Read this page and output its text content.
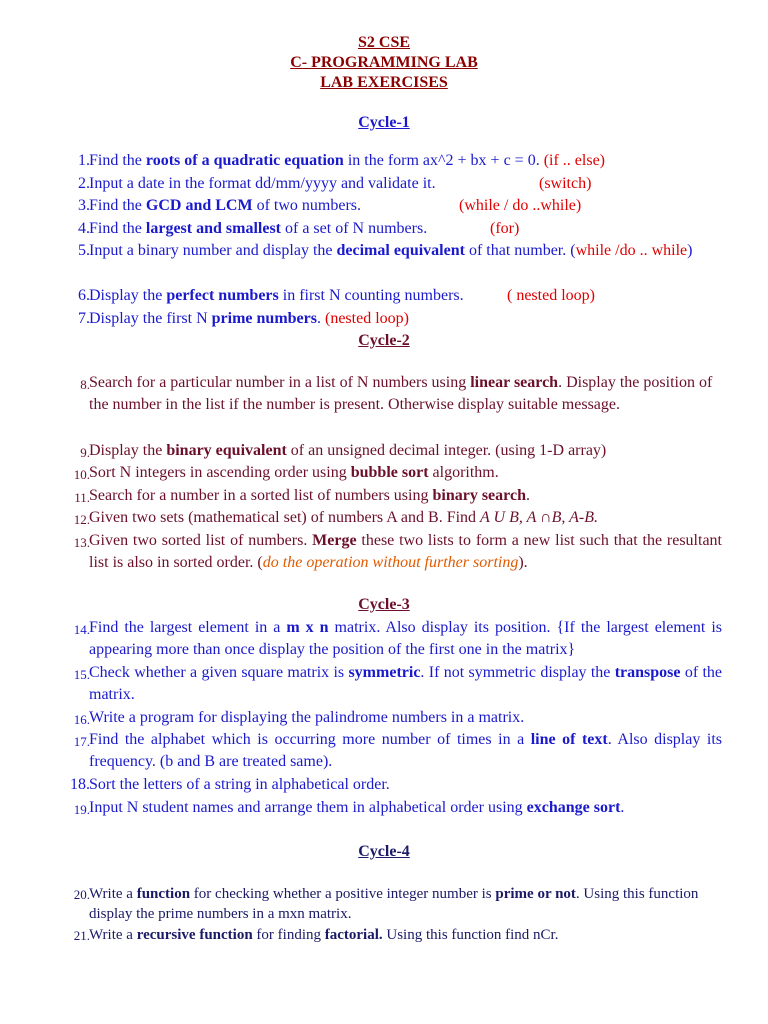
S2 CSE
C- PROGRAMMING LAB
LAB EXERCISES
Cycle-1
1. Find the roots of a quadratic equation in the form ax^2 + bx + c = 0. (if .. else)
2. Input a date in the format dd/mm/yyyy and validate it.	(switch)
3. Find the GCD and LCM of two numbers.	(while / do ..while)
4. Find the largest and smallest of a set of N numbers.	(for)
5. Input a binary number and display the decimal equivalent of that number. (while /do .. while)
6. Display the perfect numbers in first N counting numbers.	( nested loop)
7. Display the first N prime numbers. (nested loop)
Cycle-2
8. Search for a particular number in a list of N numbers using linear search. Display the position of the number in the list if the number is present. Otherwise display suitable message.
9. Display the binary equivalent of an unsigned decimal integer. (using 1-D array)
10. Sort N integers in ascending order using bubble sort algorithm.
11. Search for a number in a sorted list of numbers using binary search.
12. Given two sets (mathematical set) of numbers A and B. Find A U B, A ∩B, A-B.
13. Given two sorted list of numbers. Merge these two lists to form a new list such that the resultant list is also in sorted order. (do the operation without further sorting).
Cycle-3
14. Find the largest element in a m x n matrix. Also display its position. {If the largest element is appearing more than once display the position of the first one in the matrix}
15. Check whether a given square matrix is symmetric. If not symmetric display the transpose of the matrix.
16. Write a program for displaying the palindrome numbers in a matrix.
17. Find the alphabet which is occurring more number of times in a line of text. Also display its frequency. (b and B are treated same).
18. Sort the letters of a string in alphabetical order.
19. Input N student names and arrange them in alphabetical order using exchange sort.
Cycle-4
20. Write a function for checking whether a positive integer number is prime or not. Using this function display the prime numbers in a mxn matrix.
21. Write a recursive function for finding factorial. Using this function find nCr.
